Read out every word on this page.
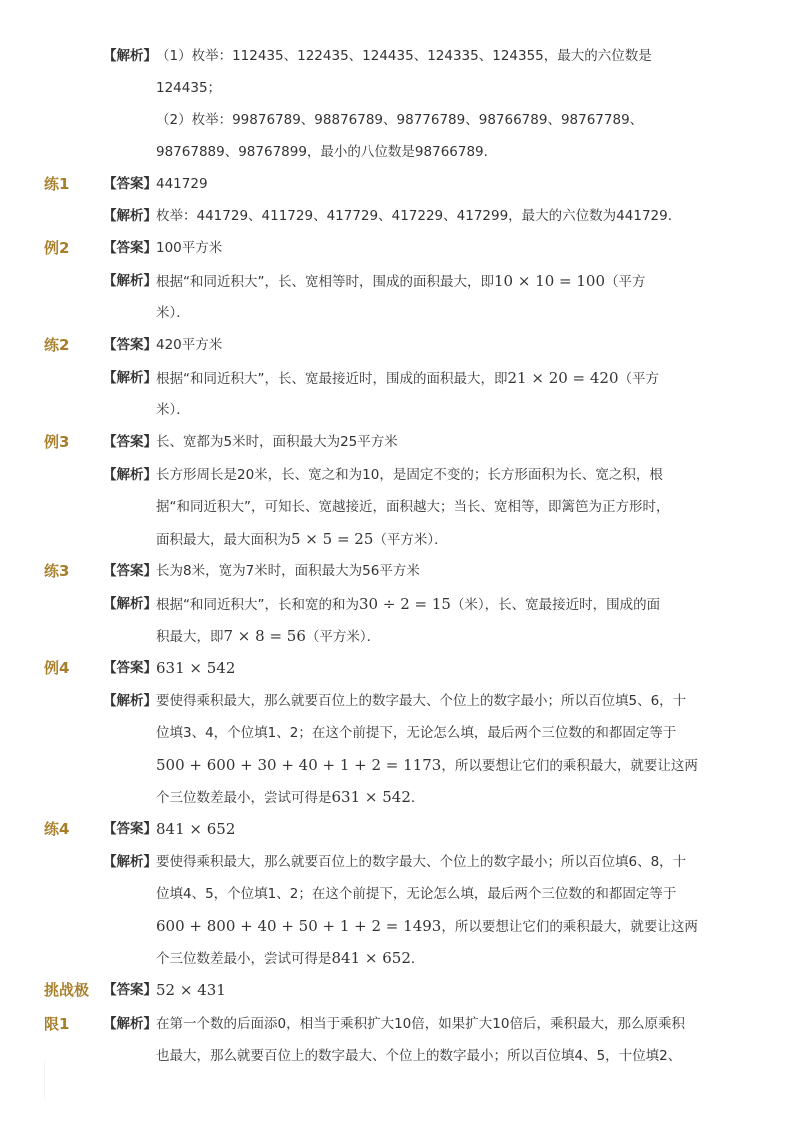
【解析】 （1）枚举：112435、122435、124435、124335、124355，最大的六位数是
124435；
（2）枚举：99876789、98876789、98776789、98766789、98767789、
98767889、98767899，最小的八位数是98766789．
练1 【答案】 441729
【解析】 枚举：441729、411729、417729、417229、417299，最大的六位数为441729．
例2 【答案】 100平方米
【解析】 根据“和同近积大”，长、宽相等时，围成的面积最大，即10 × 10 = 100（平方
米）．
练2 【答案】 420平方米
【解析】 根据“和同近积大”，长、宽最接近时，围成的面积最大，即21 × 20 = 420（平方
米）．
例3 【答案】 长、宽都为5米时，面积最大为25平方米
【解析】 长方形周长是20米，长、宽之和为10，是固定不变的；长方形面积为长、宽之积，根
据“和同近积大”，可知长、宽越接近，面积越大；当长、宽相等，即篱笆为正方形时，
面积最大，最大面积为5 × 5 = 25（平方米）．
练3 【答案】 长为8米，宽为7米时，面积最大为56平方米
【解析】 根据“和同近积大”，长和宽的和为30 ÷ 2 = 15（米），长、宽最接近时，围成的面
积最大，即7 × 8 = 56（平方米）．
例4 【答案】 631 × 542
【解析】 要使得乘积最大，那么就要百位上的数字最大、个位上的数字最小；所以百位填5、6，十
位填3、4，个位填1、2；在这个前提下，无论怎么填，最后两个三位数的和都固定等于
500 + 600 + 30 + 40 + 1 + 2 = 1173，所以要想让它们的乘积最大，就要让这两
个三位数差最小，尝试可得是631 × 542．
练4 【答案】 841 × 652
【解析】 要使得乘积最大，那么就要百位上的数字最大、个位上的数字最小；所以百位填6、8，十
位填4、5，个位填1、2；在这个前提下，无论怎么填，最后两个三位数的和都固定等于
600 + 800 + 40 + 50 + 1 + 2 = 1493，所以要想让它们的乘积最大，就要让这两
个三位数差最小，尝试可得是841 × 652．
挑战极 【答案】 52 × 431
限1 【解析】 在第一个数的后面添0，相当于乘积扩大10倍，如果扩大10倍后，乘积最大，那么原乘积
也最大，那么就要百位上的数字最大、个位上的数字最小；所以百位填4、5，十位填2、
